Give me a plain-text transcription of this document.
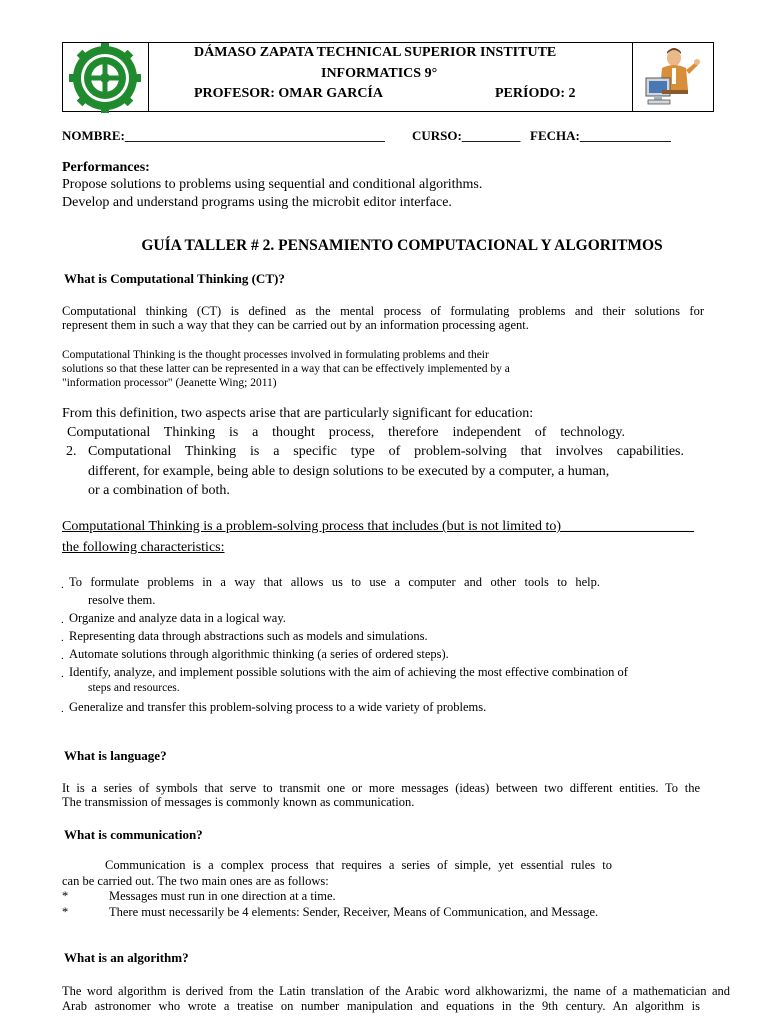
DÁMASO ZAPATA TECHNICAL SUPERIOR INSTITUTE
INFORMATICS 9°
PROFESOR: OMAR GARCÍA	PERÍODO: 2
NOMBRE:________________________________________ CURSO:_________ FECHA:______________
Performances:
Propose solutions to problems using sequential and conditional algorithms.
Develop and understand programs using the microbit editor interface.
GUÍA TALLER # 2. PENSAMIENTO COMPUTACIONAL Y ALGORITMOS
What is Computational Thinking (CT)?
Computational thinking (CT) is defined as the mental process of formulating problems and their solutions for
represent them in such a way that they can be carried out by an information processing agent.
Computational Thinking is the thought processes involved in formulating problems and their
solutions so that these latter can be represented in a way that can be effectively implemented by a
"information processor" (Jeanette Wing; 2011)
From this definition, two aspects arise that are particularly significant for education:
Computational Thinking is a thought process, therefore independent of technology.
2. Computational Thinking is a specific type of problem-solving that involves capabilities.
different, for example, being able to design solutions to be executed by a computer, a human,
or a combination of both.
Computational Thinking is a problem-solving process that includes (but is not limited to)___________________
the following characteristics:
. To formulate problems in a way that allows us to use a computer and other tools to help.
resolve them.
. Organize and analyze data in a logical way.
. Representing data through abstractions such as models and simulations.
. Automate solutions through algorithmic thinking (a series of ordered steps).
. Identify, analyze, and implement possible solutions with the aim of achieving the most effective combination of
steps and resources.
. Generalize and transfer this problem-solving process to a wide variety of problems.
What is language?
It is a series of symbols that serve to transmit one or more messages (ideas) between two different entities. To the
The transmission of messages is commonly known as communication.
What is communication?
Communication is a complex process that requires a series of simple, yet essential rules to
can be carried out. The two main ones are as follows:
*	Messages must run in one direction at a time.
*	There must necessarily be 4 elements: Sender, Receiver, Means of Communication, and Message.
What is an algorithm?
The word algorithm is derived from the Latin translation of the Arabic word alkhowarizmi, the name of a mathematician and
Arab astronomer who wrote a treatise on number manipulation and equations in the 9th century. An algorithm is
